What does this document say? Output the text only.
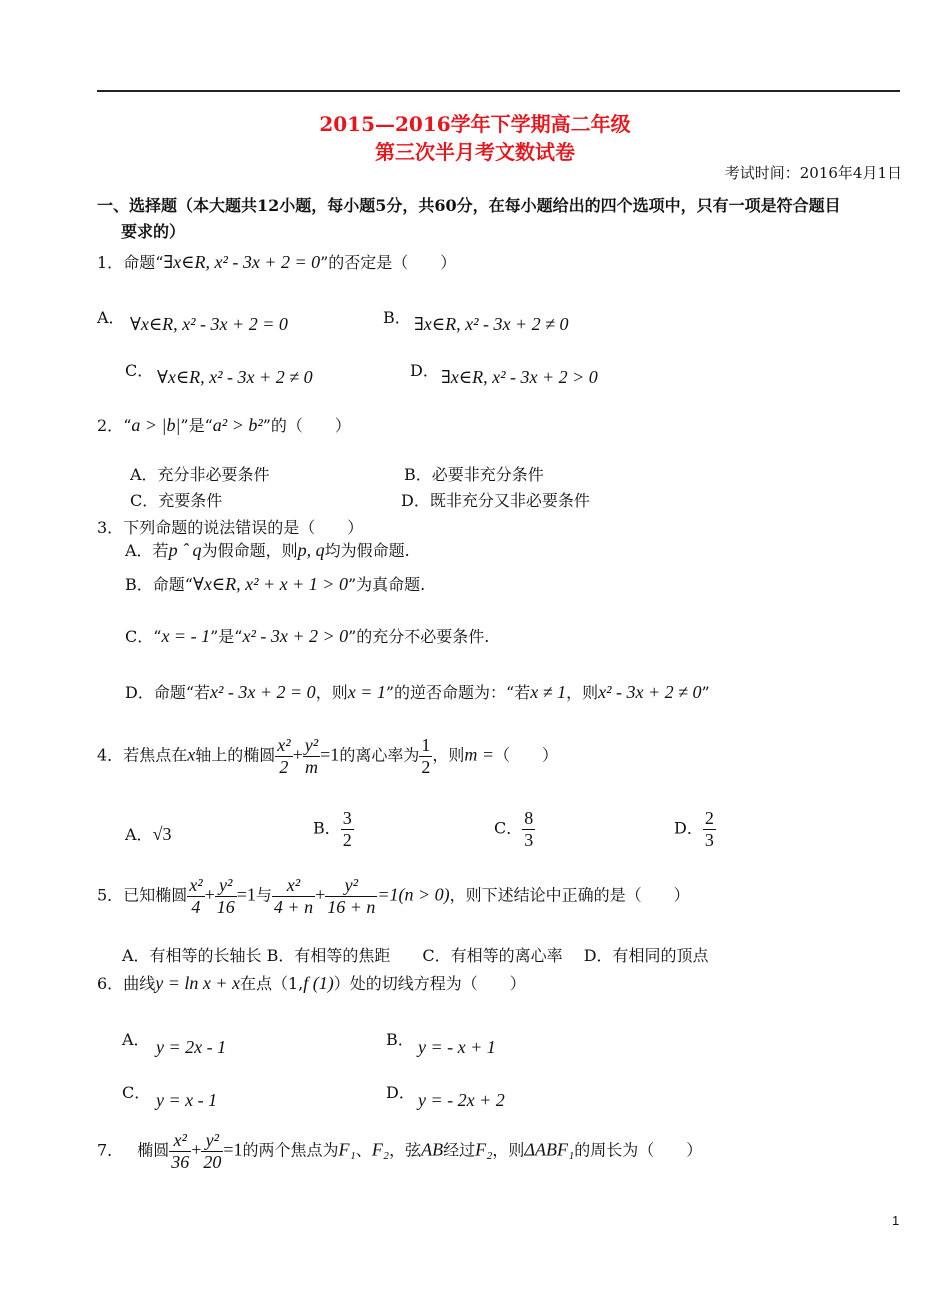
2015—2016学年下学期高二年级
第三次半月考文数试卷
考试时间：2016年4月1日
一、选择题（本大题共12小题，每小题5分，共60分，在每小题给出的四个选项中，只有一项是符合题目
要求的）
1．命题“∃x∈R, x² - 3x + 2 = 0”的否定是（　　）
A． ∀x∈R, x² - 3x + 2 = 0	B． ∃x∈R, x² - 3x + 2 ≠ 0
C． ∀x∈R, x² - 3x + 2 ≠ 0	D． ∃x∈R, x² - 3x + 2 > 0
2．“a > |b|”是“a² > b²”的（　　）
A．充分非必要条件	B．必要非充分条件
C．充要条件	D．既非充分又非必要条件
3．下列命题的说法错误的是（　　）
A．若p ˆ q为假命题，则p, q均为假命题.
B．命题“∀x∈R, x² + x + 1 > 0”为真命题.
C．“x = - 1”是“x² - 3x + 2 > 0”的充分不必要条件.
D．命题“若x² - 3x + 2 = 0，则x = 1”的逆否命题为：“若x ≠ 1，则x² - 3x + 2 ≠ 0”
4．若焦点在x轴上的椭圆 $\frac{\text{x²}}{2} + \frac{\text{y²}}{m} =1$的离心率为 $\frac{1}{2}$ ，则m =（　　）
A．√3	B． $\frac{3}{2}$	C． $\frac{8}{3}$	D． $\frac{2}{3}$
5．已知椭圆 $\frac{\text{x²}}{4} + \frac{\text{y²}}{16} =1$与 $\frac{\text{x²}}{4 + n} + \frac{\text{y²}}{16 + n} =1(n > 0)$，则下述结论中正确的是（　　）
A．有相等的长轴长 B．有相等的焦距　　C．有相等的离心率　 D．有相同的顶点
6．曲线y = ln x + x在点（1,f (1)）处的切线方程为（　　）
A． y = 2x - 1	B． y = - x + 1
C． y = x - 1	D． y = - 2x + 2
7． 椭圆 $\frac{\text{x²}}{36} + \frac{\text{y²}}{20} =1$的两个焦点为F₁、F₂，弦AB经过F₂，则ΔABF₁的周长为（　　）
1
